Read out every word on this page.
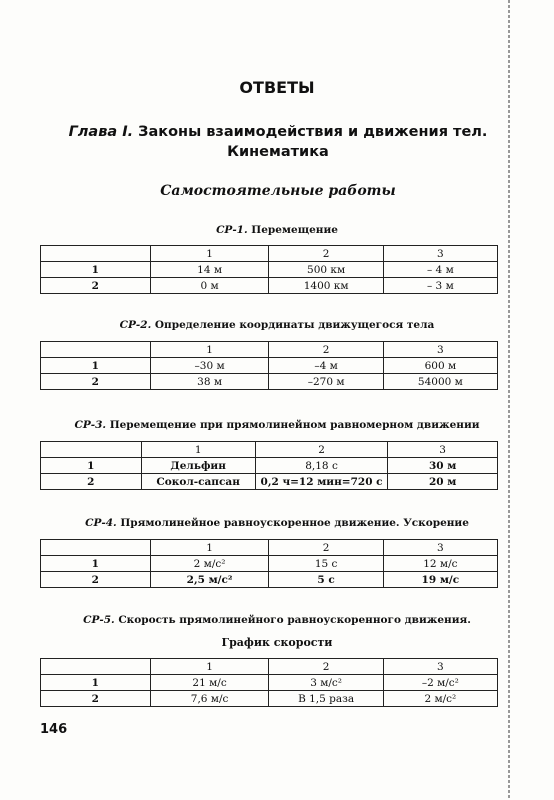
ОТВЕТЫ
Глава I. Законы взаимодействия и движения тел.
Кинематика
Самостоятельные работы
СР-1. Перемещение
	1	2	3
1	14 м	500 км	– 4 м
2	0 м	1400 км	– 3 м
СР-2. Определение координаты движущегося тела
	1	2	3
1	–30 м	–4 м	600 м
2	38 м	–270 м	54000 м
СР-3. Перемещение при прямолинейном равномерном движении
	1	2	3
1	Дельфин	8,18 с	30 м
2	Сокол-сапсан	0,2 ч=12 мин=720 с	20 м
СР-4. Прямолинейное равноускоренное движение. Ускорение
	1	2	3
1	2 м/с²	15 с	12 м/с
2	2,5 м/с²	5 с	19 м/с
СР-5. Скорость прямолинейного равноускоренного движения.
График скорости
	1	2	3
1	21 м/с	3 м/с²	–2 м/с²
2	7,6 м/с	В 1,5 раза	2 м/с²
146
